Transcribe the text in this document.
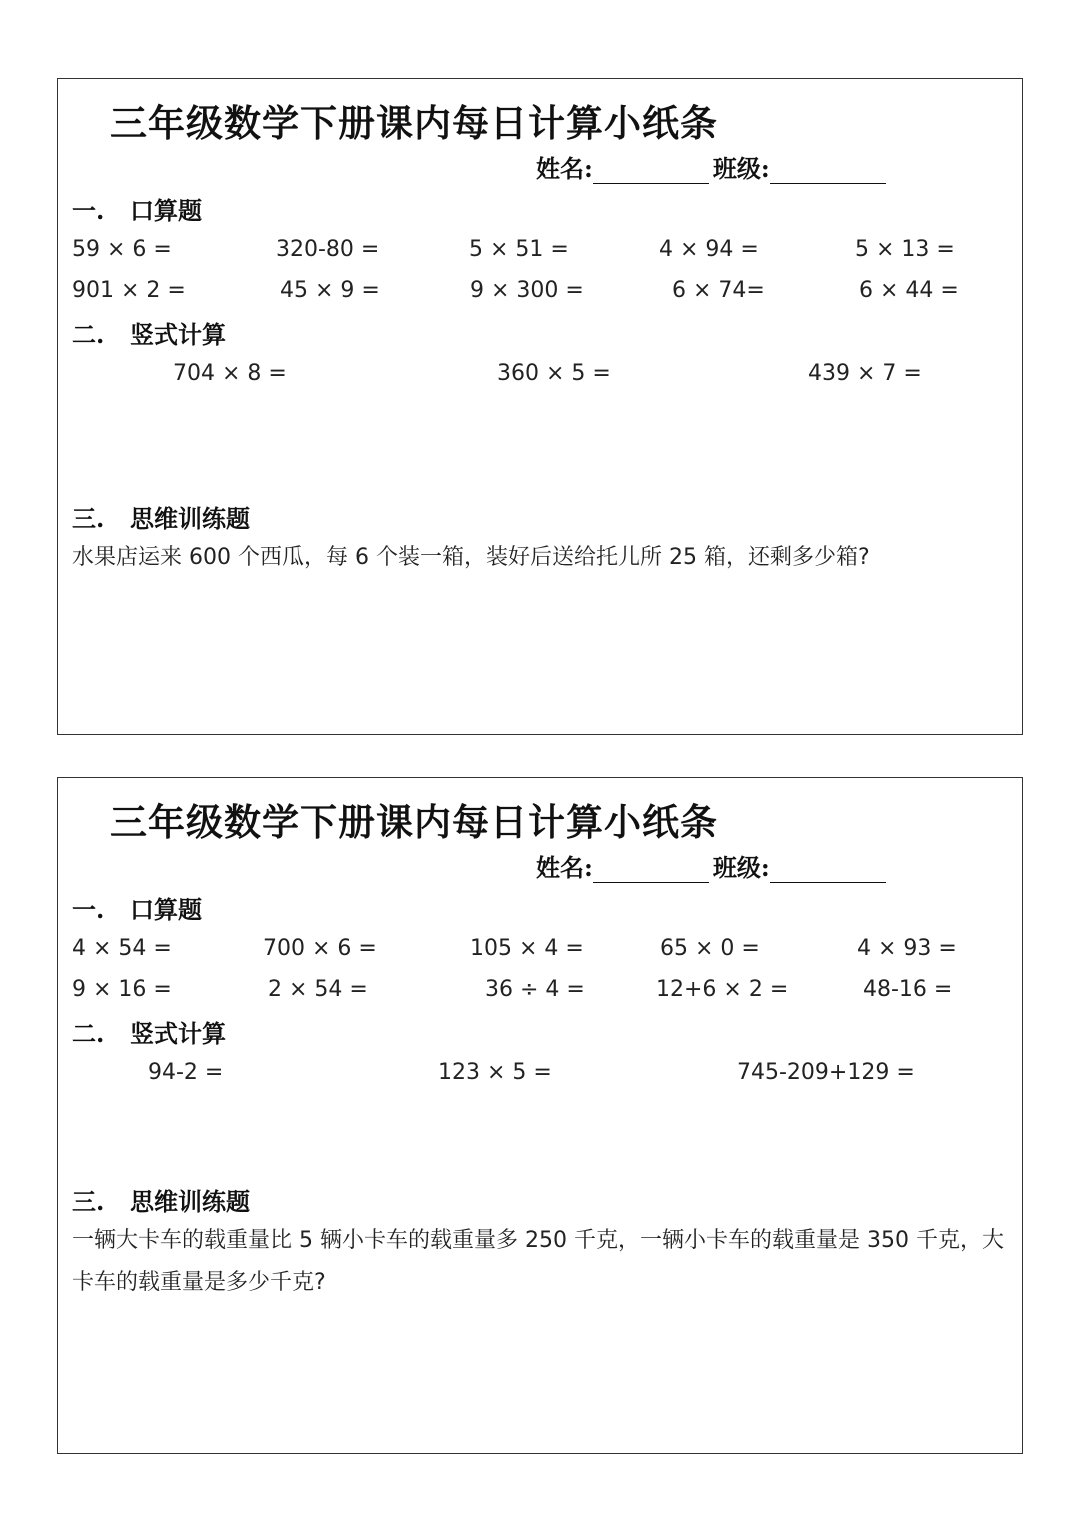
三年级数学下册课内每日计算小纸条
姓名:	班级:
一. 口算题
59 × 6 =	320-80 =	5 × 51 =	4 × 94 =	5 × 13 =
901 × 2 =	45 × 9 =	9 × 300 =	6 × 74=	6 × 44 =
二. 竖式计算
704 × 8 =	360 × 5 =	439 × 7 =
三. 思维训练题
水果店运来 600 个西瓜，每 6 个装一箱，装好后送给托儿所 25 箱，还剩多少箱?
三年级数学下册课内每日计算小纸条
姓名:	班级:
一. 口算题
4 × 54 =	700 × 6 =	105 × 4 =	65 × 0 =	4 × 93 =
9 × 16 =	2 × 54 =	36 ÷ 4 =	12+6 × 2 =	48-16 =
二. 竖式计算
94-2 =	123 × 5 =	745-209+129 =
三. 思维训练题
一辆大卡车的载重量比 5 辆小卡车的载重量多 250 千克，一辆小卡车的载重量是 350 千克，大卡车的载重量是多少千克?
